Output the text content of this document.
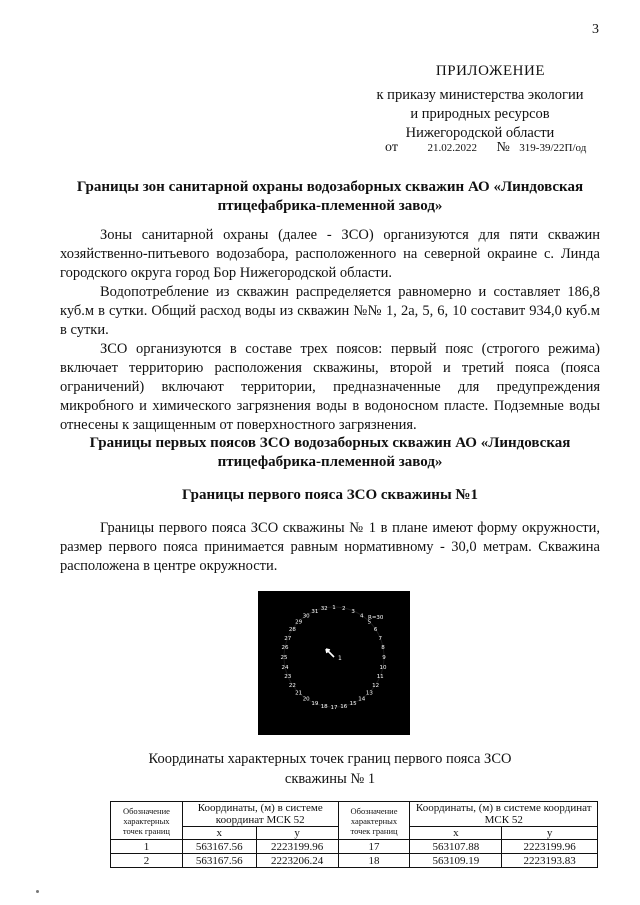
3
ПРИЛОЖЕНИЕ
к приказу министерства экологии
и природных ресурсов
Нижегородской области
от	21.02.2022 № 319-39/22П/од
Границы зон санитарной охраны водозаборных скважин АО «Линдовская
птицефабрика-племенной завод»

Зоны санитарной охраны (далее - ЗСО) организуются для пяти скважин хозяйственно-питьевого водозабора, расположенного на северной окраине с. Линда городского округа город Бор Нижегородской области.

Водопотребление из скважин распределяется равномерно и составляет 186,8 куб.м в сутки. Общий расход воды из скважин №№ 1, 2а, 5, 6, 10 составит 934,0 куб.м в сутки.

ЗСО организуются в составе трех поясов: первый пояс (строгого режима) включает территорию расположения скважины, второй и третий пояса (пояса ограничений) включают территории, предназначенные для предупреждения микробного и химического загрязнения воды в водоносном пласте. Подземные воды отнесены к защищенным от поверхностного загрязнения.

Границы первых поясов ЗСО водозаборных скважин АО «Линдовская
птицефабрика-племенной завод»
Границы первого пояса ЗСО скважины №1

Границы первого пояса ЗСО скважины № 1 в плане имеют форму окружности, размер первого пояса принимается равным нормативному - 30,0 метрам. Скважина расположена в центре окружности.

1 2 3
4
5
6
7
8
9
10
11
12
13
14
15
16
17
18
19
20
21
22
23
24
25
26
27
28
29
30
31 32
1
R=30
Координаты характерных точек границ первого пояса ЗСО
скважины № 1
Обозначение характерных точек границ	Координаты, (м) в системе координат МСК 52		Обозначение характерных точек границ	Координаты, (м) в системе координат МСК 52	
	х	у		х	у
1	563167.56	2223199.96	17	563107.88	2223199.96
2	563167.56	2223206.24	18	563109.19	2223193.83
